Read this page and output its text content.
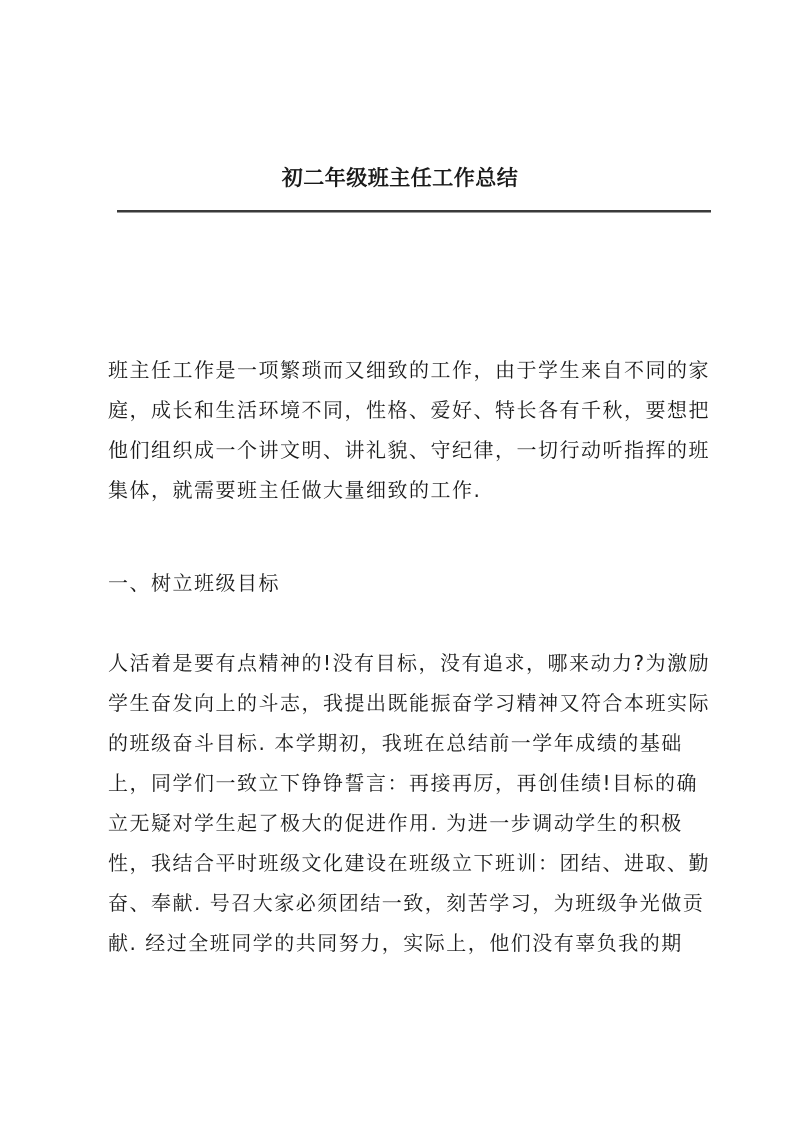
初二年级班主任工作总结
班主任工作是一项繁琐而又细致的工作，由于学生来自不同的家
庭，成长和生活环境不同，性格、爱好、特长各有千秋，要想把
他们组织成一个讲文明、讲礼貌、守纪律，一切行动听指挥的班
集体，就需要班主任做大量细致的工作.
一、树立班级目标
人活着是要有点精神的!没有目标，没有追求，哪来动力?为激励
学生奋发向上的斗志，我提出既能振奋学习精神又符合本班实际
的班级奋斗目标. 本学期初，我班在总结前一学年成绩的基础
上，同学们一致立下铮铮誓言：再接再厉，再创佳绩!目标的确
立无疑对学生起了极大的促进作用. 为进一步调动学生的积极
性，我结合平时班级文化建设在班级立下班训：团结、进取、勤
奋、奉献. 号召大家必须团结一致，刻苦学习，为班级争光做贡
献. 经过全班同学的共同努力，实际上，他们没有辜负我的期
